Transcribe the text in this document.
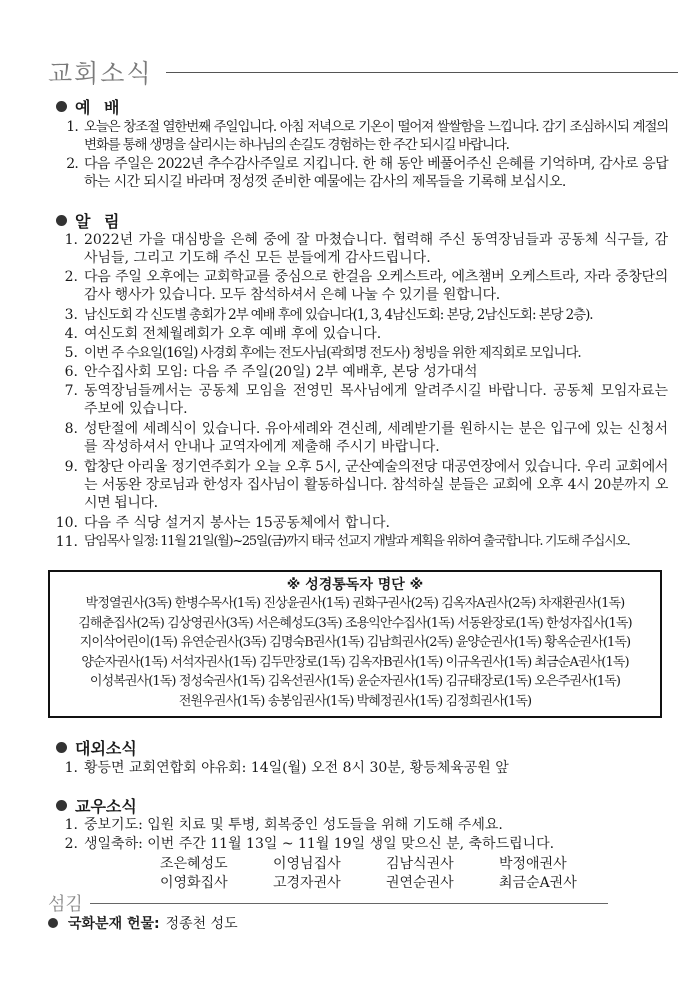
교회소식
예 배
1. 오늘은 창조절 열한번째 주일입니다. 아침 저녁으로 기온이 떨어져 쌀쌀함을 느낍니다. 감기 조심하시되 계절의 변화를 통해 생명을 살리시는 하나님의 손길도 경험하는 한 주간 되시길 바랍니다.
2. 다음 주일은 2022년 추수감사주일로 지킵니다. 한 해 동안 베풀어주신 은혜를 기억하며, 감사로 응답하는 시간 되시길 바라며 정성껏 준비한 예물에는 감사의 제목들을 기록해 보십시오.
알 림
1. 2022년 가을 대심방을 은혜 중에 잘 마쳤습니다. 협력해 주신 동역장님들과 공동체 식구들, 감사님들, 그리고 기도해 주신 모든 분들에게 감사드립니다.
2. 다음 주일 오후에는 교회학교를 중심으로 한걸음 오케스트라, 에츠챔버 오케스트라, 자라 중창단의 감사 행사가 있습니다. 모두 참석하셔서 은혜 나눌 수 있기를 원합니다.
3. 남신도회 각 신도별 총회가 2부 예배 후에 있습니다(1, 3, 4남신도회: 본당, 2남신도회: 본당 2층).
4. 여신도회 전체월례회가 오후 예배 후에 있습니다.
5. 이번 주 수요일(16일) 사경회 후에는 전도사님(곽희명 전도사) 청빙을 위한 제직회로 모입니다.
6. 안수집사회 모임: 다음 주 주일(20일) 2부 예배후, 본당 성가대석
7. 동역장님들께서는 공동체 모임을 전영민 목사님에게 알려주시길 바랍니다. 공동체 모임자료는 주보에 있습니다.
8. 성탄절에 세례식이 있습니다. 유아세례와 견신례, 세례받기를 원하시는 분은 입구에 있는 신청서를 작성하셔서 안내나 교역자에게 제출해 주시기 바랍니다.
9. 합창단 아리울 정기연주회가 오늘 오후 5시, 군산예술의전당 대공연장에서 있습니다. 우리 교회에서는 서동완 장로님과 한성자 집사님이 활동하십니다. 참석하실 분들은 교회에 오후 4시 20분까지 오시면 됩니다.
10. 다음 주 식당 설거지 봉사는 15공동체에서 합니다.
11. 담임목사 일정: 11월 21일(월)~25일(금)까지 태국 선교지 개발과 계획을 위하여 출국합니다. 기도해 주십시오.
※ 성경통독자 명단 ※
박정열권사(3독) 한병수목사(1독) 진상윤권사(1독) 권화구권사(2독) 김옥자A권사(2독) 차재환권사(1독)
김해춘집사(2독) 김상영권사(3독) 서은혜성도(3독) 조용익안수집사(1독) 서동완장로(1독) 한성자집사(1독)
지이삭어린이(1독) 유연순권사(3독) 김명숙B권사(1독) 김남희권사(2독) 윤양순권사(1독) 황옥순권사(1독)
양순자권사(1독) 서석자권사(1독) 김두만장로(1독) 김옥자B권사(1독) 이규옥권사(1독) 최금순A권사(1독)
이성복권사(1독) 정성숙권사(1독) 김옥선권사(1독) 윤순자권사(1독) 김규태장로(1독) 오은주권사(1독)
전원우권사(1독) 송봉임권사(1독) 박혜정권사(1독) 김정희권사(1독)
대외소식
1. 황등면 교회연합회 야유회: 14일(월) 오전 8시 30분, 황등체육공원 앞
교우소식
1. 중보기도: 입원 치료 및 투병, 회복중인 성도들을 위해 기도해 주세요.
2. 생일축하: 이번 주간 11월 13일 ~ 11월 19일 생일 맞으신 분, 축하드립니다.
조은혜성도	이영님집사	김남식권사	박정애권사
이영화집사	고경자권사	권연순권사	최금순A권사
섬김
국화분재 헌물: 정종천 성도
